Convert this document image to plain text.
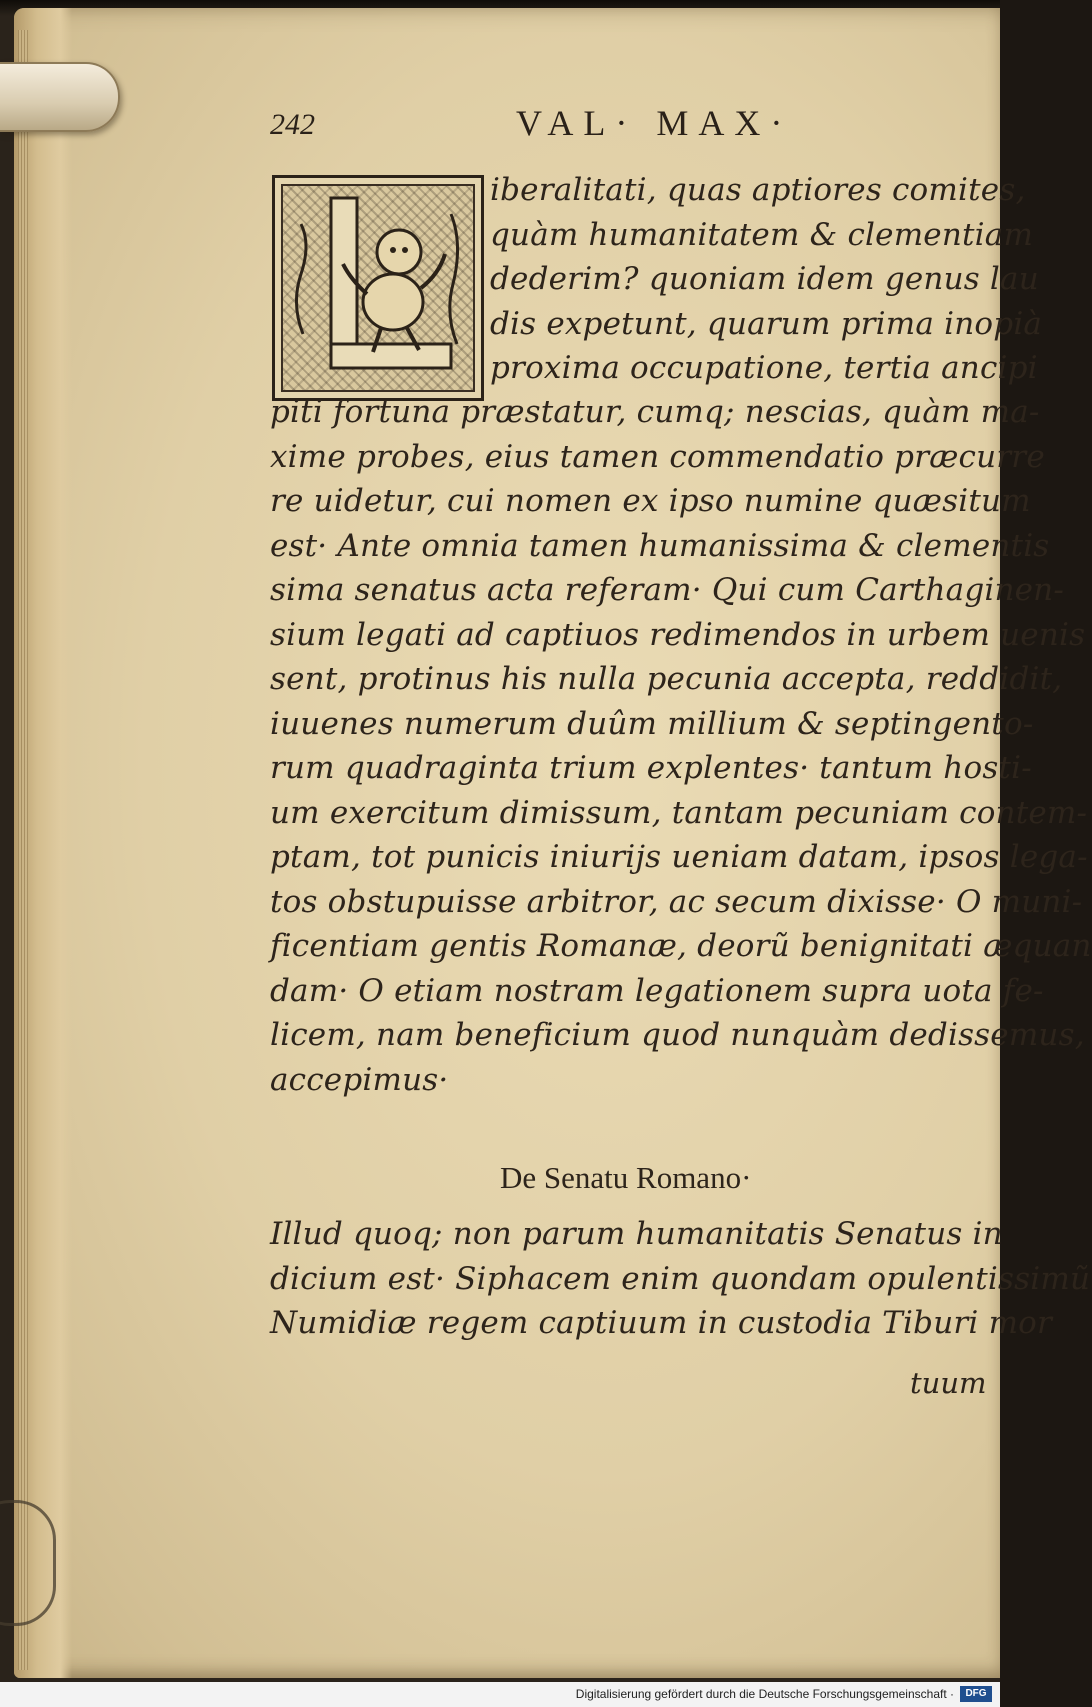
242	VAL· MAX·
iberalitati, quas aptiores comites,
quàm humanitatem & clementiam
dederim? quoniam idem genus lau
dis expetunt, quarum prima inopià
proxima occupatione, tertia ancipi
piti fortuna præstatur, cumq; nescias, quàm ma-
xime probes, eius tamen commendatio præcurre
re uidetur, cui nomen ex ipso numine quæsitum
est· Ante omnia tamen humanissima & clementis
sima senatus acta referam· Qui cum Carthaginen-
sium legati ad captiuos redimendos in urbem uenis
sent, protinus his nulla pecunia accepta, reddidit,
iuuenes numerum duûm millium & septingento-
rum quadraginta trium explentes· tantum hosti-
um exercitum dimissum, tantam pecuniam contem-
ptam, tot punicis iniurijs ueniam datam, ipsos lega-
tos obstupuisse arbitror, ac secum dixisse· O muni-
ficentiam gentis Romanæ, deorũ benignitati æquan
dam· O etiam nostram legationem supra uota fe-
licem, nam beneficium quod nunquàm dedissemus,
accepimus·
De Senatu Romano·
Illud quoq; non parum humanitatis Senatus in
dicium est· Siphacem enim quondam opulentissimũ
Numidiæ regem captiuum in custodia Tiburi mor
tuum
Digitalisierung gefördert durch die Deutsche Forschungsgemeinschaft ·	DFG
